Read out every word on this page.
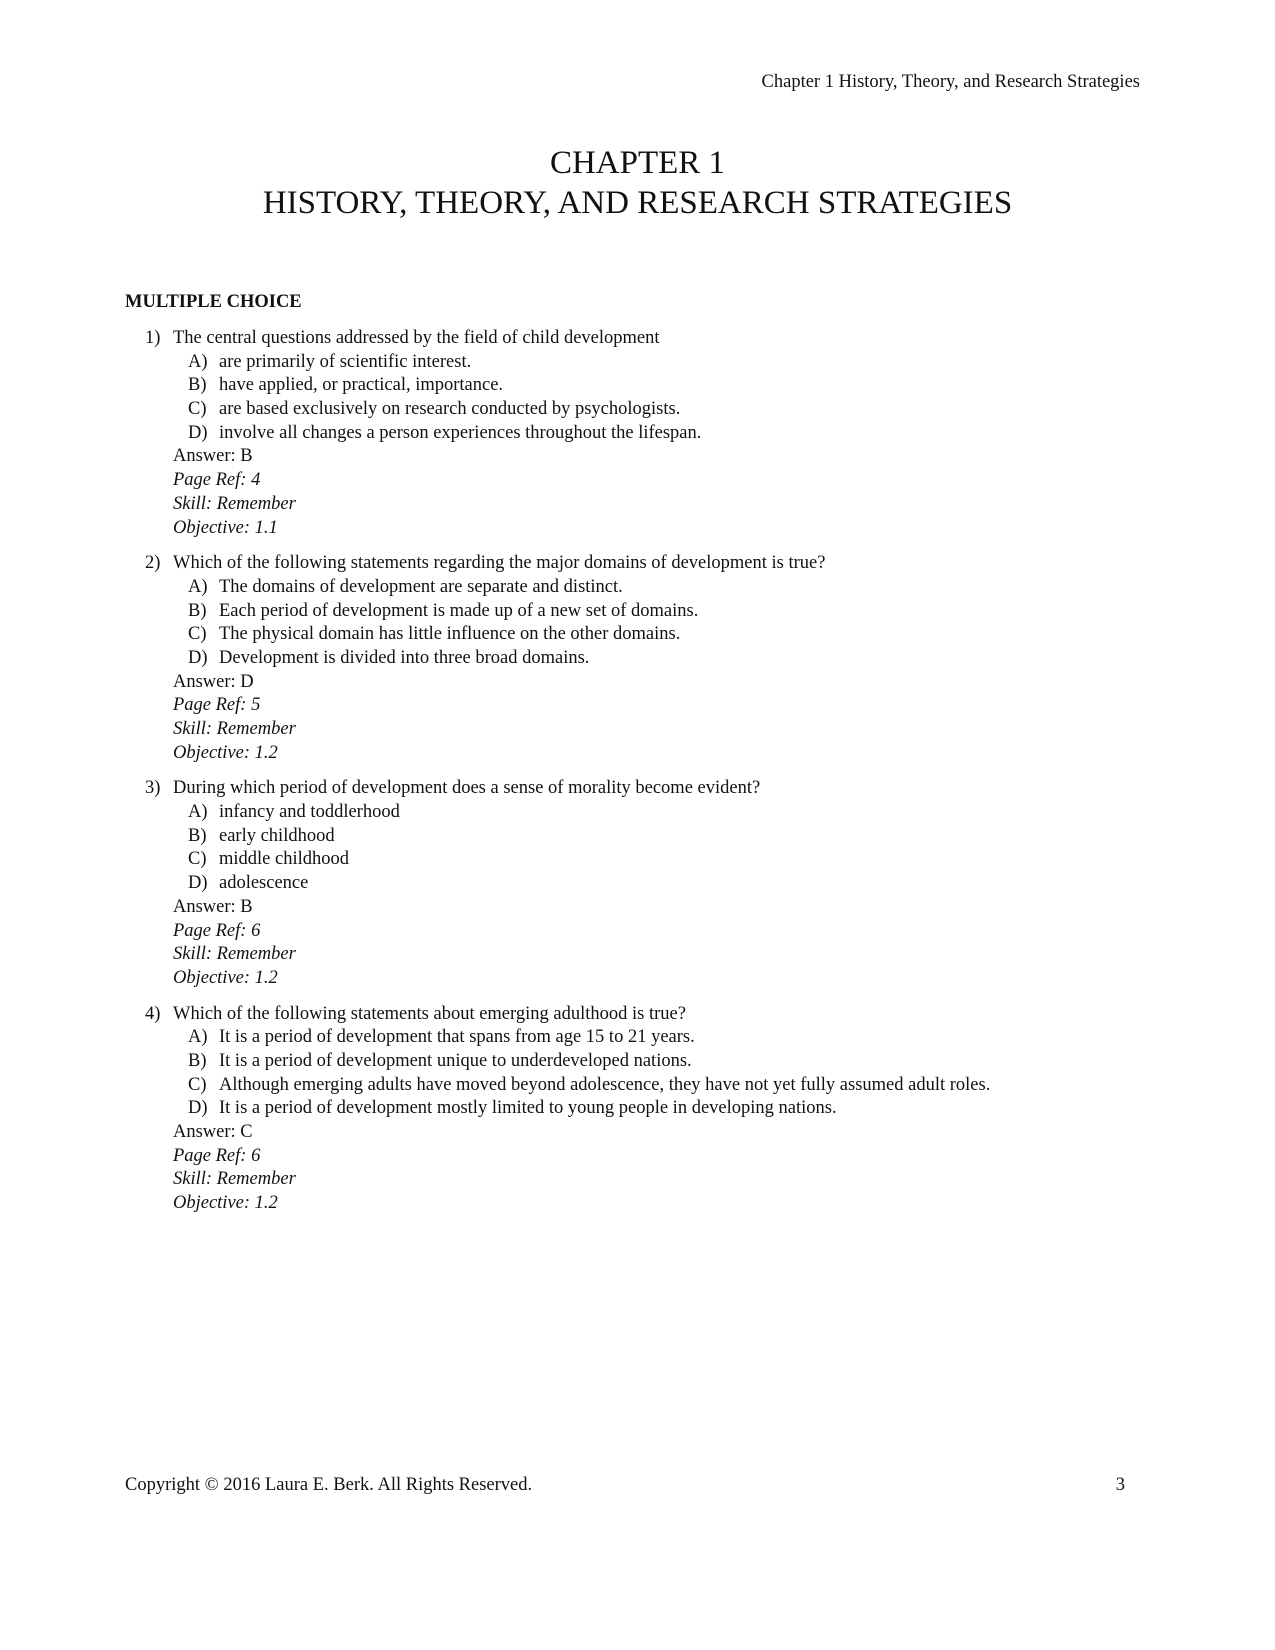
Chapter 1 History, Theory, and Research Strategies
CHAPTER 1
HISTORY, THEORY, AND RESEARCH STRATEGIES
MULTIPLE CHOICE
1) The central questions addressed by the field of child development
A) are primarily of scientific interest.
B) have applied, or practical, importance.
C) are based exclusively on research conducted by psychologists.
D) involve all changes a person experiences throughout the lifespan.
Answer: B
Page Ref: 4
Skill: Remember
Objective: 1.1
2) Which of the following statements regarding the major domains of development is true?
A) The domains of development are separate and distinct.
B) Each period of development is made up of a new set of domains.
C) The physical domain has little influence on the other domains.
D) Development is divided into three broad domains.
Answer: D
Page Ref: 5
Skill: Remember
Objective: 1.2
3) During which period of development does a sense of morality become evident?
A) infancy and toddlerhood
B) early childhood
C) middle childhood
D) adolescence
Answer: B
Page Ref: 6
Skill: Remember
Objective: 1.2
4) Which of the following statements about emerging adulthood is true?
A) It is a period of development that spans from age 15 to 21 years.
B) It is a period of development unique to underdeveloped nations.
C) Although emerging adults have moved beyond adolescence, they have not yet fully assumed adult roles.
D) It is a period of development mostly limited to young people in developing nations.
Answer: C
Page Ref: 6
Skill: Remember
Objective: 1.2
Copyright © 2016 Laura E. Berk. All Rights Reserved.	3
